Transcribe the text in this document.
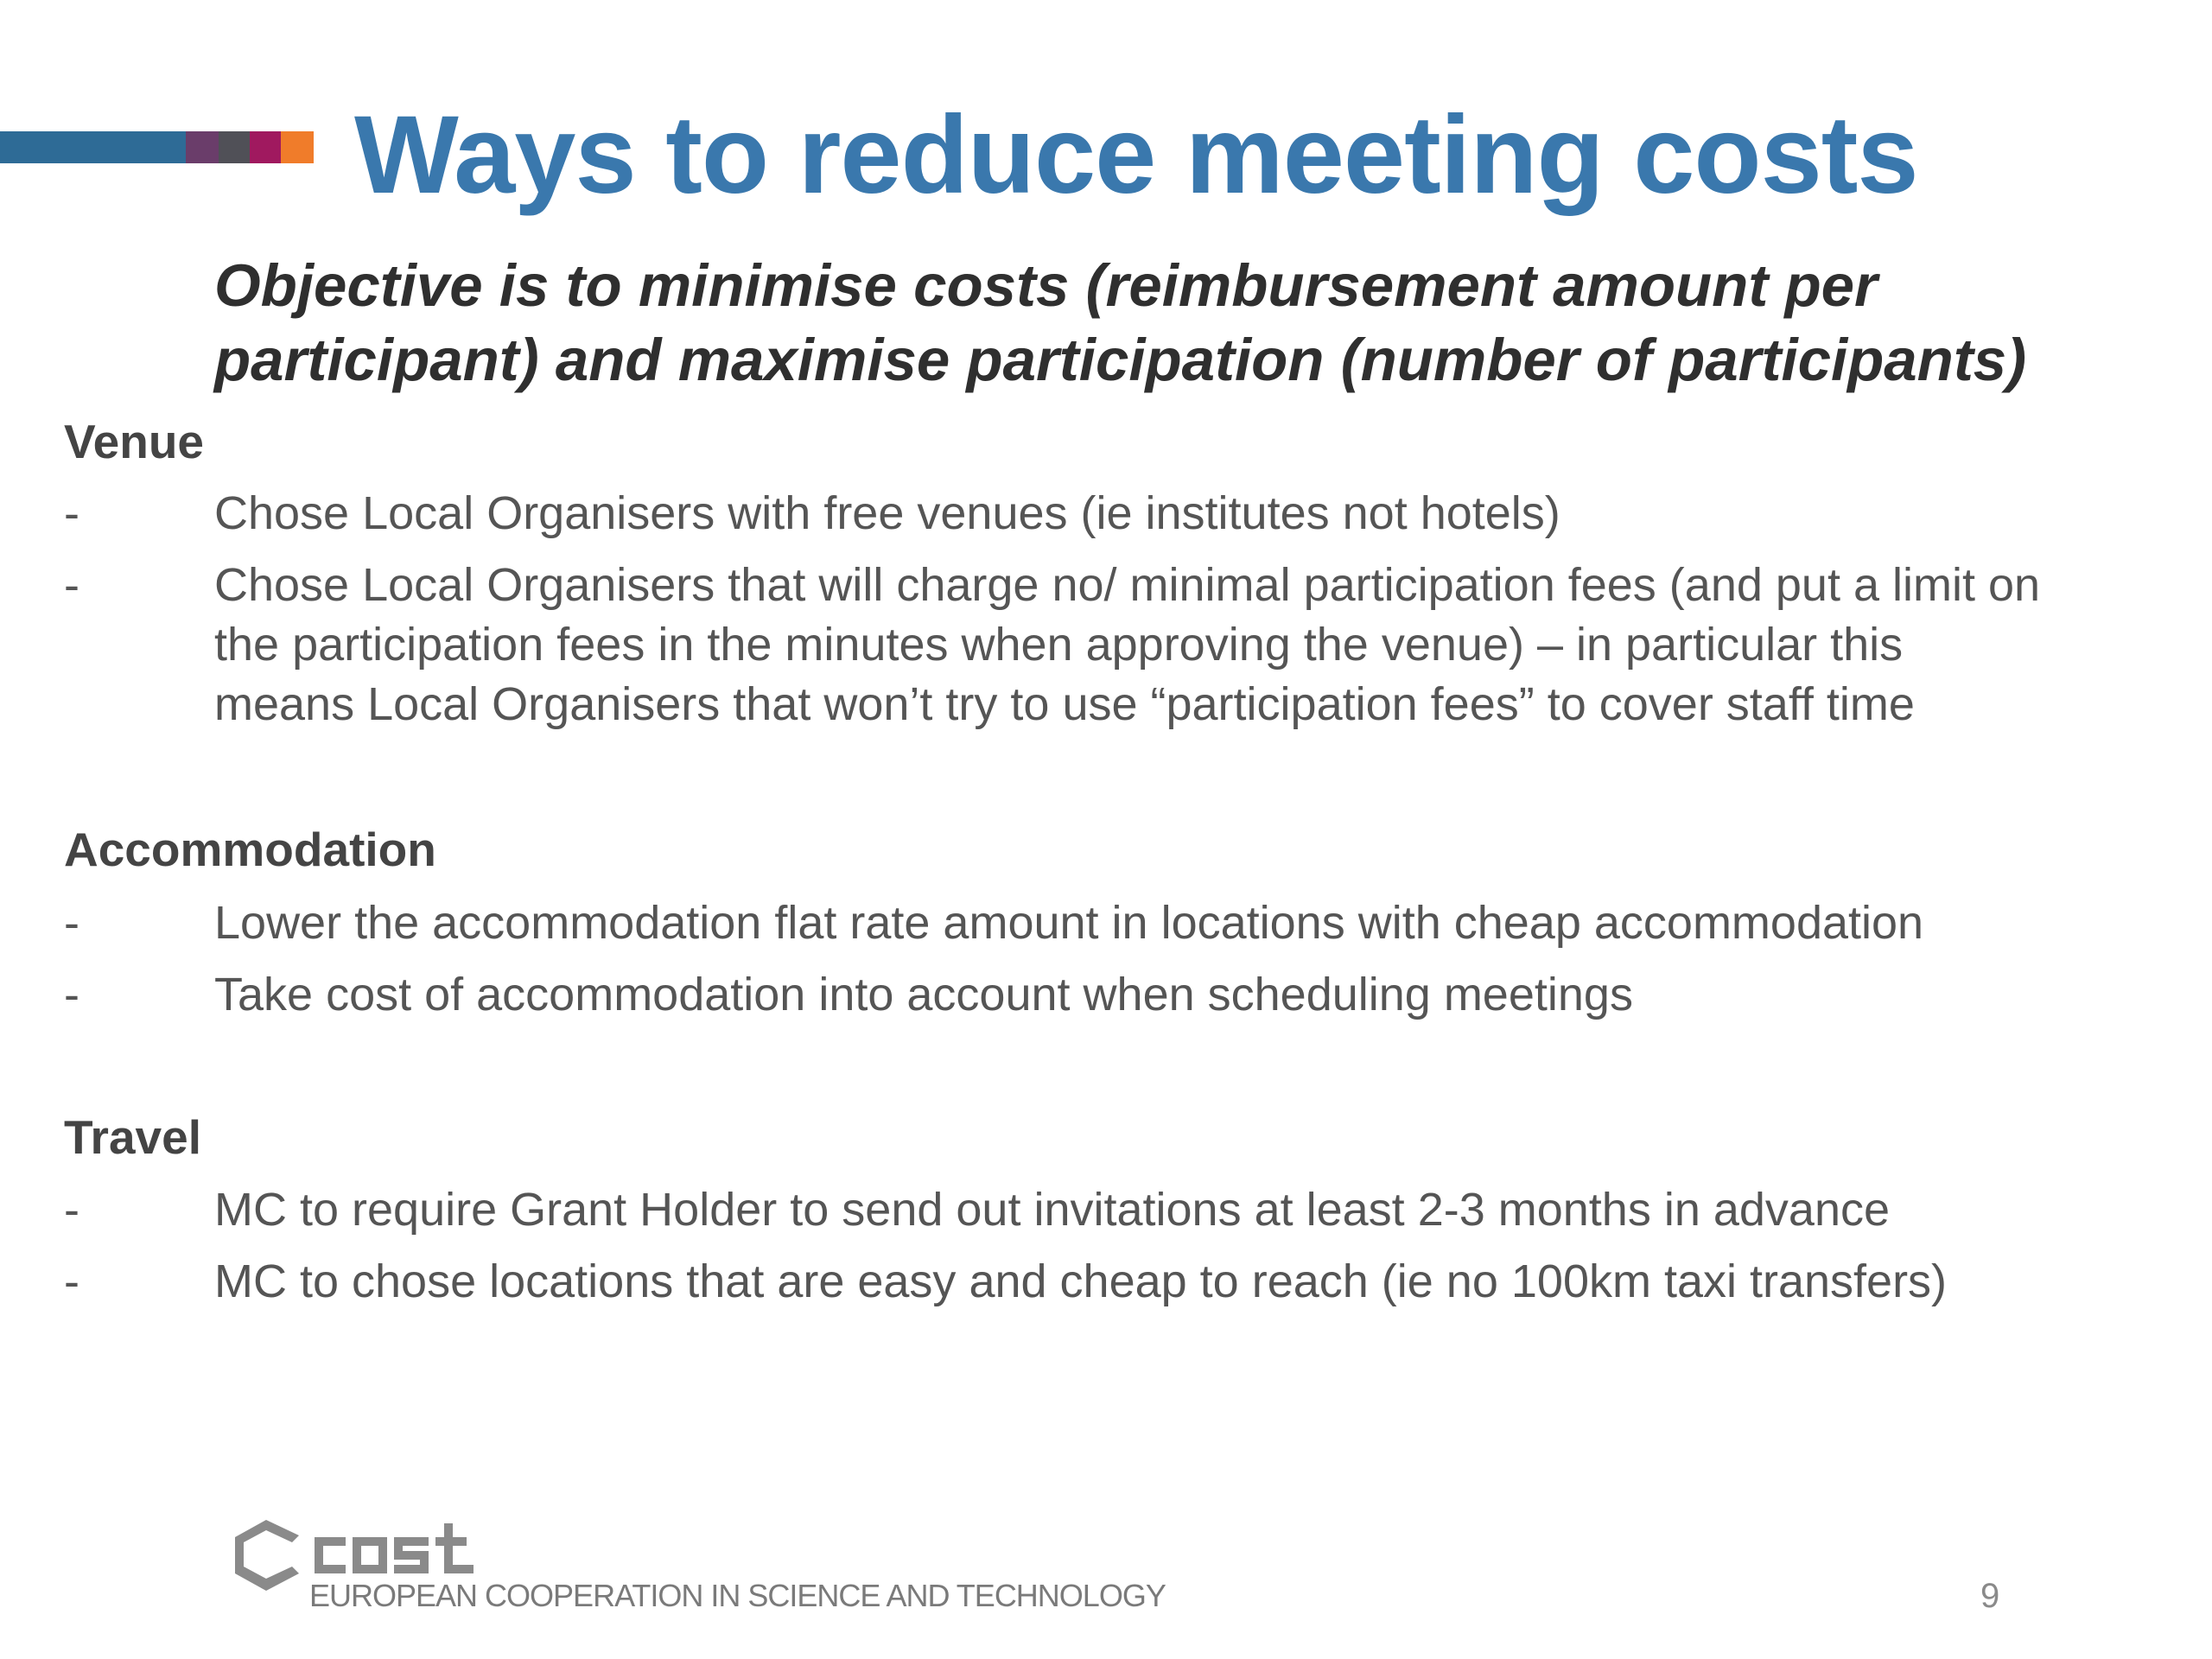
Ways to reduce meeting costs
Objective is to minimise costs (reimbursement amount per
participant) and maximise participation (number of participants)
Venue
-	Chose Local Organisers with free venues (ie institutes not hotels)
-	Chose Local Organisers that will charge no/ minimal participation fees (and put a limit on
the participation fees in the minutes when approving the venue) – in particular this
means Local Organisers that won’t try to use “participation fees” to cover staff time
Accommodation
-	Lower the accommodation flat rate amount in locations with cheap accommodation
-	Take cost of accommodation into account when scheduling meetings
Travel
-	MC to require Grant Holder to send out invitations at least 2-3 months in advance
-	MC to chose locations that are easy and cheap to reach (ie no 100km taxi transfers)

EUROPEAN COOPERATION IN SCIENCE AND TECHNOLOGY	9
